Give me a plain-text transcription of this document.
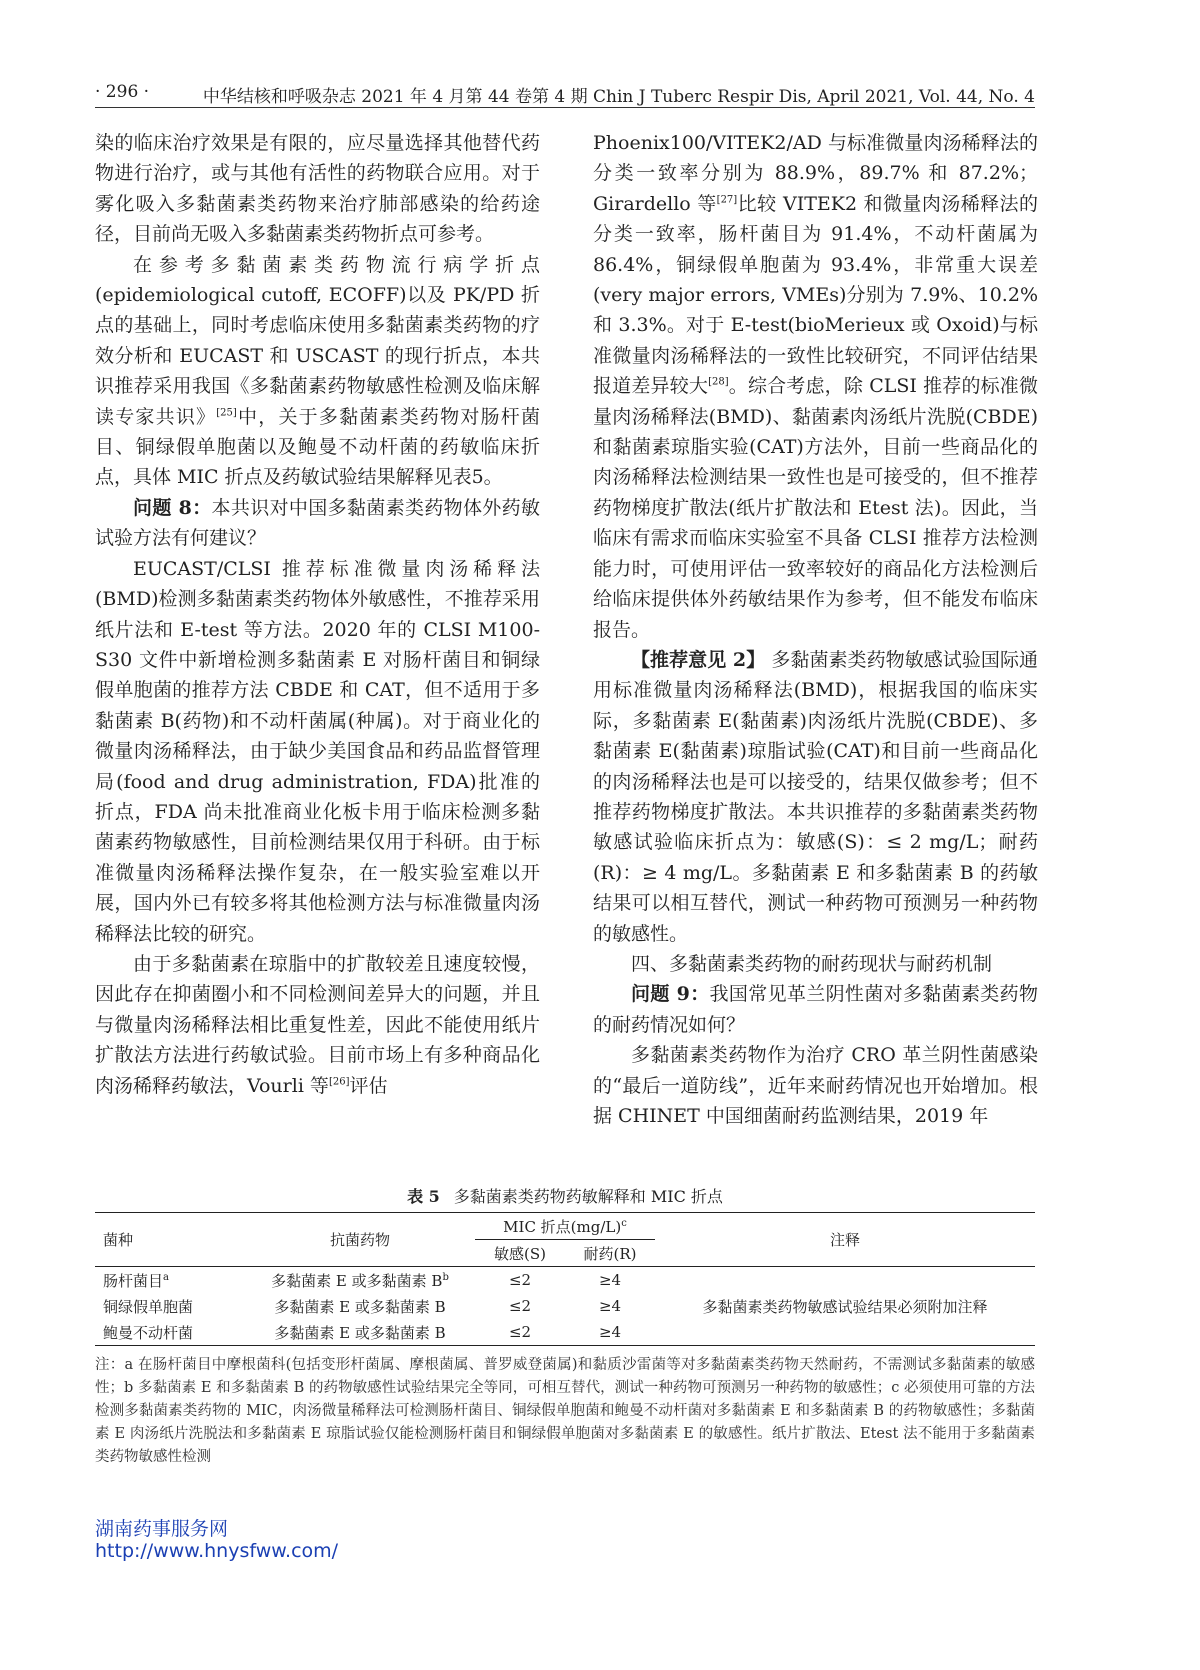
· 296 ·	中华结核和呼吸杂志 2021 年 4 月第 44 卷第 4 期 Chin J Tuberc Respir Dis, April 2021, Vol. 44, No. 4

染的临床治疗效果是有限的，应尽量选择其他替代药物进行治疗，或与其他有活性的药物联合应用。对于雾化吸入多黏菌素类药物来治疗肺部感染的给药途径，目前尚无吸入多黏菌素类药物折点可参考。

在参考多黏菌素类药物流行病学折点(epidemiological cutoff, ECOFF)以及 PK/PD 折点的基础上，同时考虑临床使用多黏菌素类药物的疗效分析和 EUCAST 和 USCAST 的现行折点，本共识推荐采用我国《多黏菌素药物敏感性检测及临床解读专家共识》[25]中，关于多黏菌素类药物对肠杆菌目、铜绿假单胞菌以及鲍曼不动杆菌的药敏临床折点，具体 MIC 折点及药敏试验结果解释见表5。

问题 8：本共识对中国多黏菌素类药物体外药敏试验方法有何建议？

EUCAST/CLSI 推荐标准微量肉汤稀释法(BMD)检测多黏菌素类药物体外敏感性，不推荐采用纸片法和 E-test 等方法。2020 年的 CLSI M100-S30 文件中新增检测多黏菌素 E 对肠杆菌目和铜绿假单胞菌的推荐方法 CBDE 和 CAT，但不适用于多黏菌素 B(药物)和不动杆菌属(种属)。对于商业化的微量肉汤稀释法，由于缺少美国食品和药品监督管理局(food and drug administration, FDA)批准的折点，FDA 尚未批准商业化板卡用于临床检测多黏菌素药物敏感性，目前检测结果仅用于科研。由于标准微量肉汤稀释法操作复杂，在一般实验室难以开展，国内外已有较多将其他检测方法与标准微量肉汤稀释法比较的研究。

由于多黏菌素在琼脂中的扩散较差且速度较慢，因此存在抑菌圈小和不同检测间差异大的问题，并且与微量肉汤稀释法相比重复性差，因此不能使用纸片扩散法方法进行药敏试验。目前市场上有多种商品化肉汤稀释药敏法，Vourli 等[26]评估

Phoenix100/VITEK2/AD 与标准微量肉汤稀释法的分类一致率分别为 88.9%，89.7% 和 87.2%；Girardello 等[27]比较 VITEK2 和微量肉汤稀释法的分类一致率，肠杆菌目为 91.4%，不动杆菌属为 86.4%，铜绿假单胞菌为 93.4%，非常重大误差(very major errors, VMEs)分别为 7.9%、10.2% 和 3.3%。对于 E-test(bioMerieux 或 Oxoid)与标准微量肉汤稀释法的一致性比较研究，不同评估结果报道差异较大[28]。综合考虑，除 CLSI 推荐的标准微量肉汤稀释法(BMD)、黏菌素肉汤纸片洗脱(CBDE)和黏菌素琼脂实验(CAT)方法外，目前一些商品化的肉汤稀释法检测结果一致性也是可接受的，但不推荐药物梯度扩散法(纸片扩散法和 Etest 法)。因此，当临床有需求而临床实验室不具备 CLSI 推荐方法检测能力时，可使用评估一致率较好的商品化方法检测后给临床提供体外药敏结果作为参考，但不能发布临床报告。

【推荐意见 2】 多黏菌素类药物敏感试验国际通用标准微量肉汤稀释法(BMD)，根据我国的临床实际，多黏菌素 E(黏菌素)肉汤纸片洗脱(CBDE)、多黏菌素 E(黏菌素)琼脂试验(CAT)和目前一些商品化的肉汤稀释法也是可以接受的，结果仅做参考；但不推荐药物梯度扩散法。本共识推荐的多黏菌素类药物敏感试验临床折点为：敏感(S)：≤ 2 mg/L；耐药(R)：≥ 4 mg/L。多黏菌素 E 和多黏菌素 B 的药敏结果可以相互替代，测试一种药物可预测另一种药物的敏感性。

四、多黏菌素类药物的耐药现状与耐药机制

问题 9：我国常见革兰阴性菌对多黏菌素类药物的耐药情况如何？

多黏菌素类药物作为治疗 CRO 革兰阴性菌感染的“最后一道防线”，近年来耐药情况也开始增加。根据 CHINET 中国细菌耐药监测结果，2019 年

表 5 多黏菌素类药物药敏解释和 MIC 折点
菌种	抗菌药物	MIC 折点$(mg/L)^c$		注释
		敏感(S)	耐药(R)	
肠杆菌目$^a$	多黏菌素 E 或多黏菌素 $B^b$	≤2	≥4	多黏菌素类药物敏感试验结果必须附加注释
铜绿假单胞菌	多黏菌素 E 或多黏菌素 B	≤2	≥4	
鲍曼不动杆菌	多黏菌素 E 或多黏菌素 B	≤2	≥4	
注：a 在肠杆菌目中摩根菌科(包括变形杆菌属、摩根菌属、普罗威登菌属)和黏质沙雷菌等对多黏菌素类药物天然耐药，不需测试多黏菌素的敏感性；b 多黏菌素 E 和多黏菌素 B 的药物敏感性试验结果完全等同，可相互替代，测试一种药物可预测另一种药物的敏感性；c 必须使用可靠的方法检测多黏菌素类药物的 MIC，肉汤微量稀释法可检测肠杆菌目、铜绿假单胞菌和鲍曼不动杆菌对多黏菌素 E 和多黏菌素 B 的药物敏感性；多黏菌素 E 肉汤纸片洗脱法和多黏菌素 E 琼脂试验仅能检测肠杆菌目和铜绿假单胞菌对多黏菌素 E 的敏感性。纸片扩散法、Etest 法不能用于多黏菌素类药物敏感性检测
湖南药事服务网
http://www.hnysfww.com/
